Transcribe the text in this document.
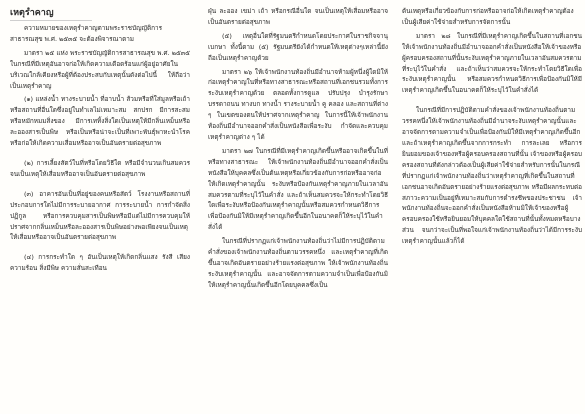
เหตุรำคาญ

ความหมายของเหตุรำคาญตามพระราชบัญญัติการสาธารณสุข พ.ศ. ๒๕๓๕ จะต้องพิจารณาตาม

มาตรา ๒๕ แห่ง พระราชบัญญัติการสาธารณสุข พ.ศ. ๒๕๓๕ ในกรณีที่มีเหตุอันอาจก่อให้เกิดความเดือดร้อนแก่ผู้อยู่อาศัยในบริเวณใกล้เคียงหรือผู้ที่ต้องประสบกับเหตุนั้นดังต่อไปนี้ ให้ถือว่าเป็นเหตุรำคาญ

(๑) แหล่งน้ำ ทางระบายน้ำ ที่อาบน้ำ ส้วมหรือที่ใส่มูลหรือเถ้า หรือสถานที่อื่นใดซึ่งอยู่ในทำเลไม่เหมาะสม สกปรก มีการสะสมหรือหมักหมมสิ่งของ มีการเททิ้งสิ่งใดเป็นเหตุให้มีกลิ่นเหม็นหรือละอองสารเป็นพิษ หรือเป็นหรือน่าจะเป็นที่เพาะพันธุ์พาหะนำโรค หรือก่อให้เกิดความเสื่อมหรืออาจเป็นอันตรายต่อสุขภาพ

(๒) การเลี้ยงสัตว์ในที่หรือโดยวิธีใด หรือมีจำนวนเกินสมควรจนเป็นเหตุให้เสื่อมหรืออาจเป็นอันตรายต่อสุขภาพ

(๓) อาคารอันเป็นที่อยู่ของคนหรือสัตว์ โรงงานหรือสถานที่ประกอบการใดไม่มีการระบายอากาศ การระบายน้ำ การกำจัดสิ่งปฏิกูล หรือการควบคุมสารเป็นพิษหรือมีแต่ไม่มีการควบคุมให้ปราศจากกลิ่นเหม็นหรือละอองสารเป็นพิษอย่างพอเพียงจนเป็นเหตุให้เสื่อมหรืออาจเป็นอันตรายต่อสุขภาพ

(๔) การกระทำใด ๆ อันเป็นเหตุให้เกิดกลิ่นแสง รังสี เสียง ความร้อน สิ่งมีพิษ ความสั่นสะเทือน

ฝุ่น ละออง เขม่า เถ้า หรือกรณีอื่นใด จนเป็นเหตุให้เสื่อมหรืออาจเป็นอันตรายต่อสุขภาพ

(๕) เหตุอื่นใดที่รัฐมนตรีกำหนดโดยประกาศในราชกิจจานุเบกษา ทั้งนี้ตาม (๕) รัฐมนตรียังได้กำหนดให้เหตุต่างๆเหล่านี้ยังถือเป็นเหตุรำคาญด้วย

มาตรา ๒๖ ให้เจ้าพนักงานท้องถิ่นมีอำนาจห้ามผู้หนึ่งผู้ใดมิให้ก่อเหตุรำคาญในที่หรือทางสาธารณะหรือสถานที่เอกชนรวมทั้งการระงับเหตุรำคาญด้วย ตลอดทั้งการดูแล ปรับปรุง บำรุงรักษา บรรดาถนน ทางบก ทางน้ำ รางระบายน้ำ คู คลอง และสถานที่ต่าง ๆ ในเขตของตนให้ปราศจากเหตุรำคาญ ในการนี้ให้เจ้าพนักงานท้องถิ่นมีอำนาจออกคำสั่งเป็นหนังสือเพื่อระงับ กำจัดและควบคุมเหตุรำคาญต่าง ๆ ได้

มาตรา ๒๗ ในกรณีที่มีเหตุรำคาญเกิดขึ้นหรืออาจเกิดขึ้นในที่หรือทางสาธารณะ ให้เจ้าพนักงานท้องถิ่นมีอำนาจออกคำสั่งเป็นหนังสือให้บุคคลซึ่งเป็นต้นเหตุหรือเกี่ยวข้องกับการก่อหรืออาจก่อให้เกิดเหตุรำคาญนั้น ระงับหรือป้องกันเหตุรำคาญภายในเวลาอันสมควรตามที่ระบุไว้ในคำสั่ง และถ้าเห็นสมควรจะให้กระทำโดยวิธีใดเพื่อระงับหรือป้องกันเหตุรำคาญนั้นหรือสมควรกำหนดวิธีการเพื่อป้องกันมิให้มีเหตุรำคาญเกิดขึ้นอีกในอนาคตก็ให้ระบุไว้ในคำสั่งได้

ในกรณีที่ปรากฏแก่เจ้าพนักงานท้องถิ่นว่าไม่มีการปฏิบัติตามคำสั่งของเจ้าพนักงานท้องถิ่นตามวรรคหนึ่ง และเหตุรำคาญที่เกิดขึ้นอาจเกิดอันตรายอย่างร้ายแรงต่อสุขภาพ ให้เจ้าพนักงานท้องถิ่นระงับเหตุรำคาญนั้น และอาจจัดการตามความจำเป็นเพื่อป้องกันมิให้เหตุรำคาญนั้นเกิดขึ้นอีกโดยบุคคลซึ่งเป็น

ต้นเหตุหรือเกี่ยวข้องกับการก่อหรืออาจก่อให้เกิดเหตุรำคาญต้องเป็นผู้เสียค่าใช้จ่ายสำหรับการจัดการนั้น

มาตรา ๒๘ ในกรณีที่มีเหตุรำคาญเกิดขึ้นในสถานที่เอกชน ให้เจ้าพนักงานท้องถิ่นมีอำนาจออกคำสั่งเป็นหนังสือให้เจ้าของหรือผู้ครอบครองสถานที่นั้นระงับเหตุรำคาญภายในเวลาอันสมควรตามที่ระบุไว้ในคำสั่ง และถ้าเห็นว่าสมควรจะให้กระทำโดยวิธีใดเพื่อระงับเหตุรำคาญนั้น หรือสมควรกำหนดวิธีการเพื่อป้องกันมิให้มีเหตุรำคาญเกิดขึ้นในอนาคตก็ให้ระบุไว้ในคำสั่งได้

ในกรณีที่มีการปฏิบัติตามคำสั่งของเจ้าพนักงานท้องถิ่นตามวรรคหนึ่งให้เจ้าพนักงานท้องถิ่นมีอำนาจระงับเหตุรำคาญนั้นและอาจจัดการตามความจำเป็นเพื่อป้องกันมิให้มีเหตุรำคาญเกิดขึ้นอีก และถ้าเหตุรำคาญเกิดขึ้นจากการกระทำ การละเลย หรือการยินยอมของเจ้าของหรือผู้ครอบครองสถานที่นั้น เจ้าของหรือผู้ครอบครองสถานที่ดังกล่าวต้องเป็นผู้เสียค่าใช้จ่ายสำหรับการนั้นในกรณีที่ปรากฏแก่เจ้าพนักงานท้องถิ่นว่าเหตุรำคาญที่เกิดขึ้นในสถานที่เอกชนอาจเกิดอันตรายอย่างร้ายแรงต่อสุขภาพ หรือมีผลกระทบต่อสภาวะความเป็นอยู่ที่เหมาะสมกับการดำรงชีพของประชาชน เจ้าพนักงานท้องถิ่นจะออกคำสั่งเป็นหนังสือห้ามมิให้เจ้าของหรือผู้ครอบครองใช้หรือยินยอมให้บุคคลใดใช้สถานที่นั้นทั้งหมดหรือบางส่วน จนกว่าจะเป็นที่พอใจแก่เจ้าพนักงานท้องถิ่นว่าได้มีการระงับเหตุรำคาญนั้นแล้วก็ได้
